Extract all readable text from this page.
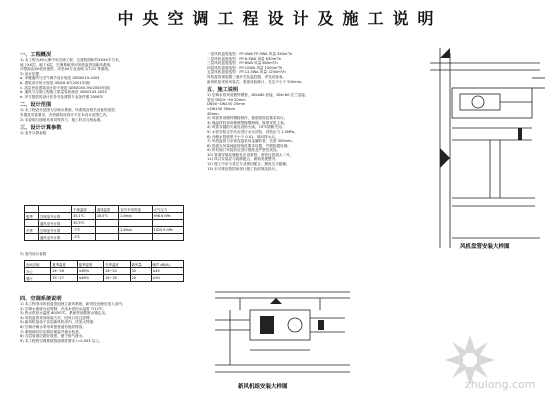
中央空调工程设计及施工说明
一、工程概况
1) 本工程为XX大厦中央空调工程，总建筑面积约XXXX平方米，
地上XX层，地下X层，空调系统采用风机盘管加新风系统，
冷热源由XX机房提供，详见XX专业说明 1/T-01 等图纸。
2) 设计依据：
a. 采暖通风与空气调节设计规范 GB50019-2003
b. 建筑设计防火规范 GBJ16-87(2001年版)
c. 高层民用建筑设计防火规范 GB50045-95(2005年版)
d. 通风与空调工程施工质量验收规范 GB50243-2002
e. 甲方提供的设计任务书及建筑专业条件图 2006年
二、设计范围
1) 本工程设计范围为空调水系统、风系统及相关设备的选型、
布置及安装要求，冷热源机房设计不在本设计范围之内。
2) 本说明与图纸具有同等效力，施工时应互相参照。
三、设计计算参数
1) 室外计算参数
		干球温度	湿球温度	室外平均风速	大气压力
夏季	空调室外计算	35.1℃	28.5℃	2.6m/s	998.6 hPa
	通风室外计算	30.5℃			
冬季	空调室外计算	-7℃		2.8m/s	1025.9 hPa
	通风室外计算	-3℃			
2) 室内设计参数
房间名称	夏季温度	夏季湿度	冬季温度	新风量	噪声 dB(A)
办公	24~26	≤65%	18~20	30	≤45
餐厅	25~27	≤65%	16~18	20	≤50
四、空调系统说明
1) 本工程采用风机盘管加独立新风系统，新风经处理后送入室内；
2) 空调水系统为双管制，冷冻水供回水温度 7/12℃；
3) 热水供回水温度 60/50℃，系统采用膨胀水箱定压；
4) 风机盘管采用暗装方式，回风口设过滤网；
5) 新风机组设于各层新风机房内，详见大样图；
6) 空调冷凝水采用单独管道有组织排放。
7) 系统调试后应做好保温并通水检查。
8) 各层管道应做好坡度，便于排气泄水。
9) 本工程的空调系统管道坡度要求 i=0.003 以上。
一层风机盘管选型：FP-4WA FP-5WA 风量 340m³/h
二层风机盘管选型：FP-6.3WA 风量 630m³/h
三层风机盘管选型：FP-8WA 风量 800m³/h
四层风机盘管选型：FP-10WA 风量 1000m³/h
五层风机盘管选型：FP-12.5WA 风量 1250m³/h
风机盘管需配置三速开关及温控器，详见设备表。
新风机组采用吊装式，底部设检修口，长边不小于 500mm。
五、施工说明
1) 空调水管采用镀锌钢管，DN≤80 丝接，DN>80 法兰连接。
管径 DN15~40 20mm
DN50~DN150 25mm
>DN150 30mm
40mm
2) 风管采用镀锌钢板制作，板厚按规范要求执行。
3) 保温材料采用难燃型橡塑海绵，厚度详见上表。
4) 风管穿越防火墙处设防火阀，70℃熔断关闭。
5) 水管安装完毕后应进行水压试验，试验压力 1.0MPa。
6) 冷凝水管坡度不小于 0.01，坡向排水点。
7) 风机盘管与水管连接采用金属软管，长度 300mm。
8) 管道支吊架间距按规范要求设置，并做防腐处理。
9) 所有阀门安装前应进行强度及严密性试验。
10) 管道穿墙及楼板处应设套管，套管比管道大二号。
11) 风口安装应与装修配合，做到美观整齐。
12) 施工中应与其它专业密切配合，避免交叉碰撞。
13) 未尽事宜按国家现行施工验收规范执行。
风机盘管安装大样图
新风机组安装大样图	zhulong.com
